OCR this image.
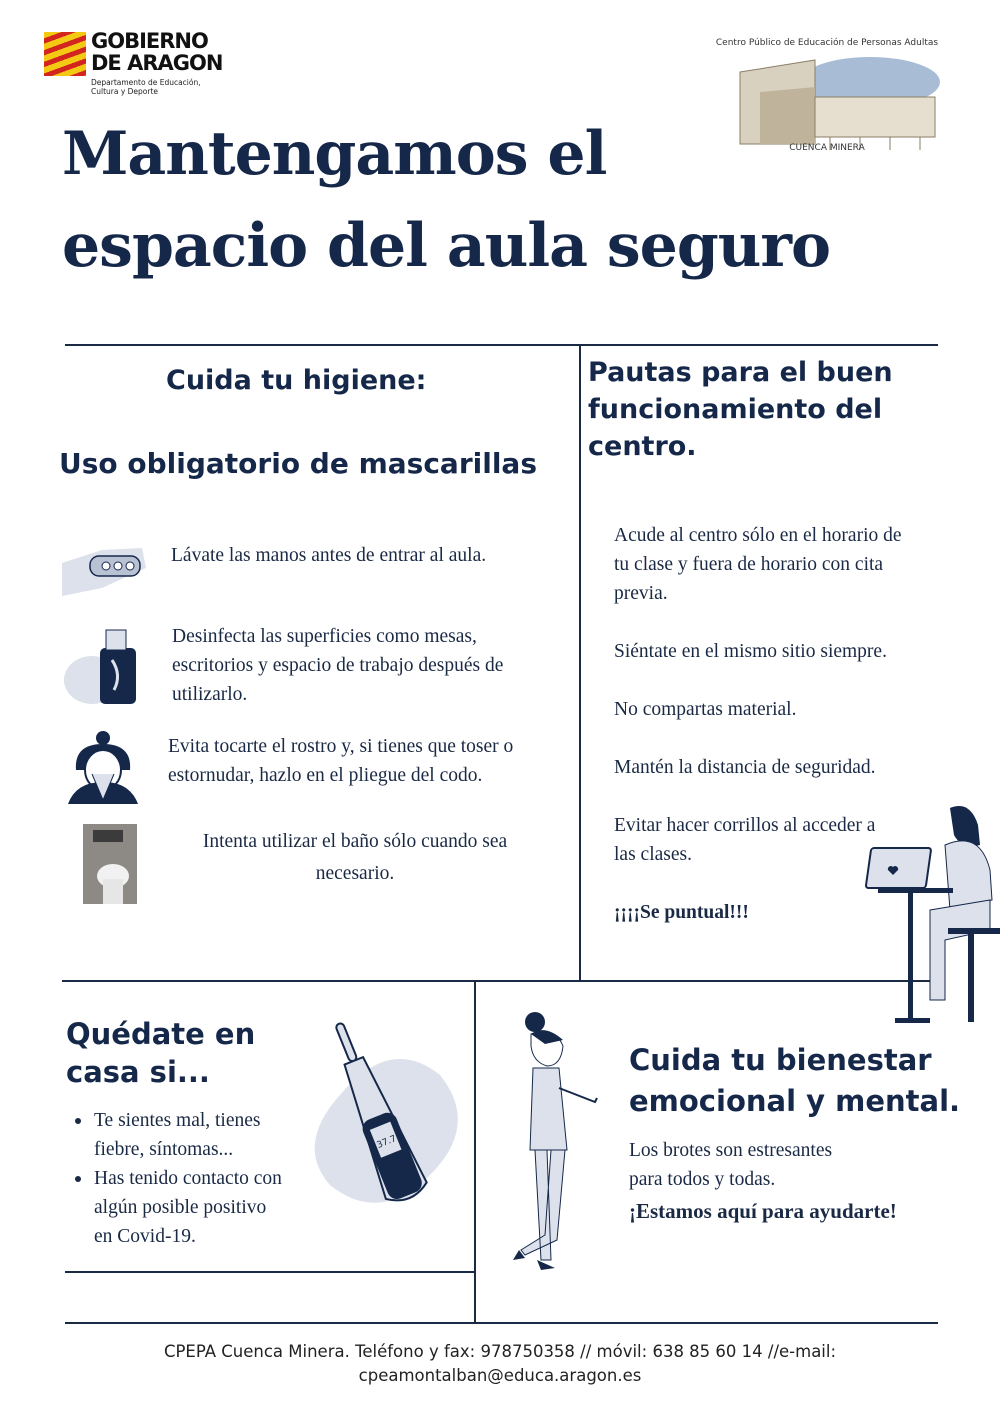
GOBIERNO
DE ARAGON
Departamento de Educación,
Cultura y Deporte
Centro Público de Educación de Personas Adultas
CUENCA MINERA
Mantengamos el
espacio del aula seguro
Cuida tu higiene:
Uso obligatorio de mascarillas
Lávate las manos antes de entrar al aula.
Desinfecta las superficies como mesas, escritorios y espacio de trabajo después de utilizarlo.
Evita tocarte el rostro y, si tienes que toser o estornudar, hazlo en el pliegue del codo.
Intenta utilizar el baño sólo cuando sea necesario.
Pautas para el buen
funcionamiento del
centro.
Acude al centro sólo en el horario de tu clase y fuera de horario con cita previa.
Siéntate en el mismo sitio siempre.
No compartas material.
Mantén la distancia de seguridad.
Evitar hacer corrillos al acceder a las clases.
¡¡¡¡Se puntual!!!
Quédate en
casa si...
Te sientes mal, tienes fiebre, síntomas...
Has tenido contacto con algún posible positivo en Covid-19.
37.7
Cuida tu bienestar
emocional y mental.
Los brotes son estresantes para todos y todas.
¡Estamos aquí para ayudarte!
CPEPA Cuenca Minera. Teléfono y fax: 978750358 // móvil: 638 85 60 14 //e-mail:
cpeamontalban@educa.aragon.es
